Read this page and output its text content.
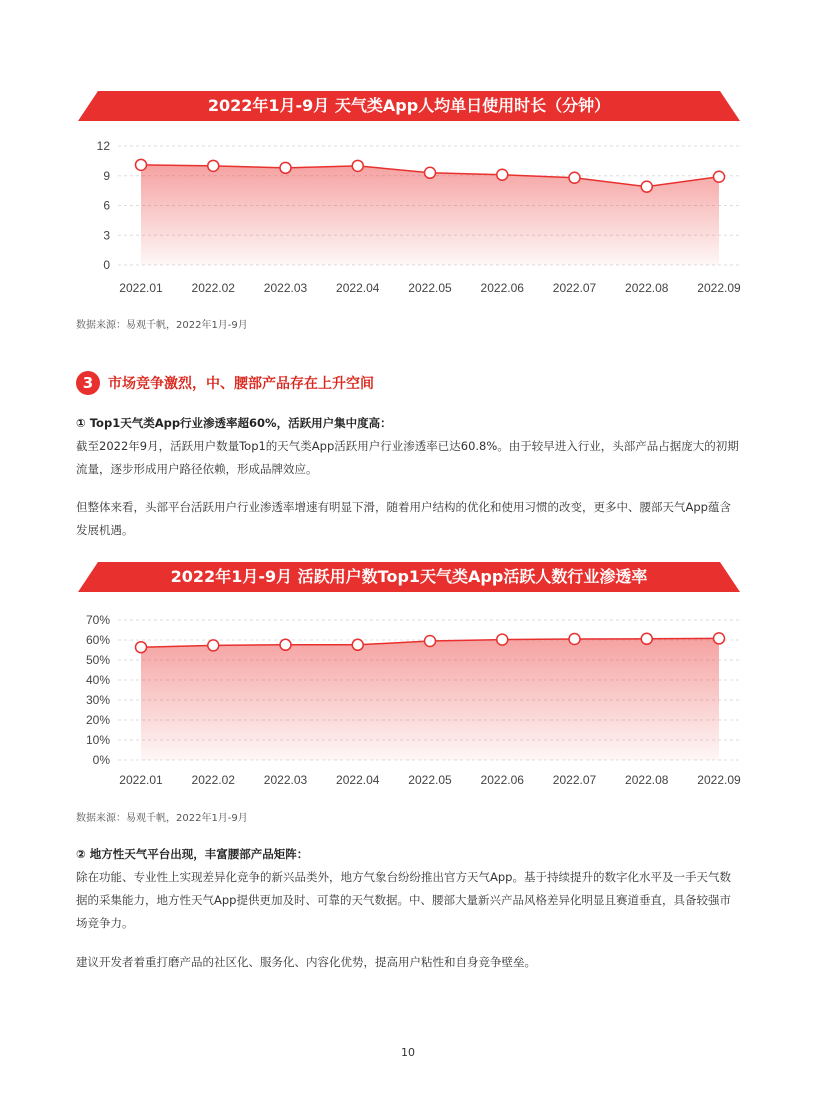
2022年1月-9月 天气类App人均单日使用时长（分钟）
0
3
6
9
12
2022.01 2022.02 2022.03 2022.04 2022.05 2022.06 2022.07 2022.08 2022.09
数据来源：易观千帆，2022年1月-9月
3	市场竞争激烈，中、腰部产品存在上升空间
① Top1天气类App行业渗透率超60%，活跃用户集中度高：
截至2022年9月，活跃用户数量Top1的天气类App活跃用户行业渗透率已达60.8%。由于较早进入行业，头部产品占据庞大的初期流量，逐步形成用户路径依赖，形成品牌效应。
但整体来看，头部平台活跃用户行业渗透率增速有明显下滑，随着用户结构的优化和使用习惯的改变，更多中、腰部天气App蕴含发展机遇。
2022年1月-9月 活跃用户数Top1天气类App活跃人数行业渗透率
0%
10%
20%
30%
40%
50%
60%
70%
2022.01 2022.02 2022.03 2022.04 2022.05 2022.06 2022.07 2022.08 2022.09
数据来源：易观千帆，2022年1月-9月
② 地方性天气平台出现，丰富腰部产品矩阵：
除在功能、专业性上实现差异化竞争的新兴品类外，地方气象台纷纷推出官方天气App。基于持续提升的数字化水平及一手天气数据的采集能力，地方性天气App提供更加及时、可靠的天气数据。中、腰部大量新兴产品风格差异化明显且赛道垂直，具备较强市场竞争力。
建议开发者着重打磨产品的社区化、服务化、内容化优势，提高用户粘性和自身竞争壁垒。
10
